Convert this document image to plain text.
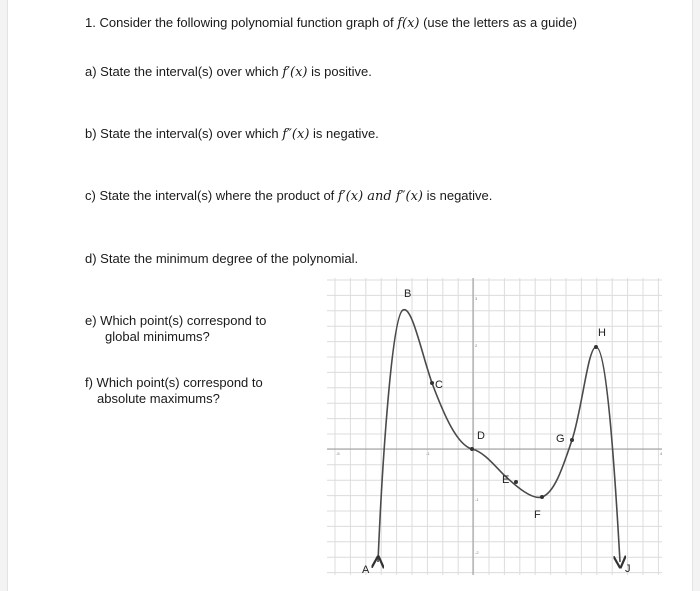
1. Consider the following polynomial function graph of f(x) (use the letters as a guide)
a) State the interval(s) over which f′(x) is positive.
b) State the interval(s) over which f″(x) is negative.
c) State the interval(s) where the product of f′(x) and f″(x) is negative.
d) State the minimum degree of the polynomial.
e) Which point(s) correspond to
global minimums?
f) Which point(s) correspond to
absolute maximums?
3
2
-1
-2
-5	-1	4
A
B
C
D
E
F
G
H
J
